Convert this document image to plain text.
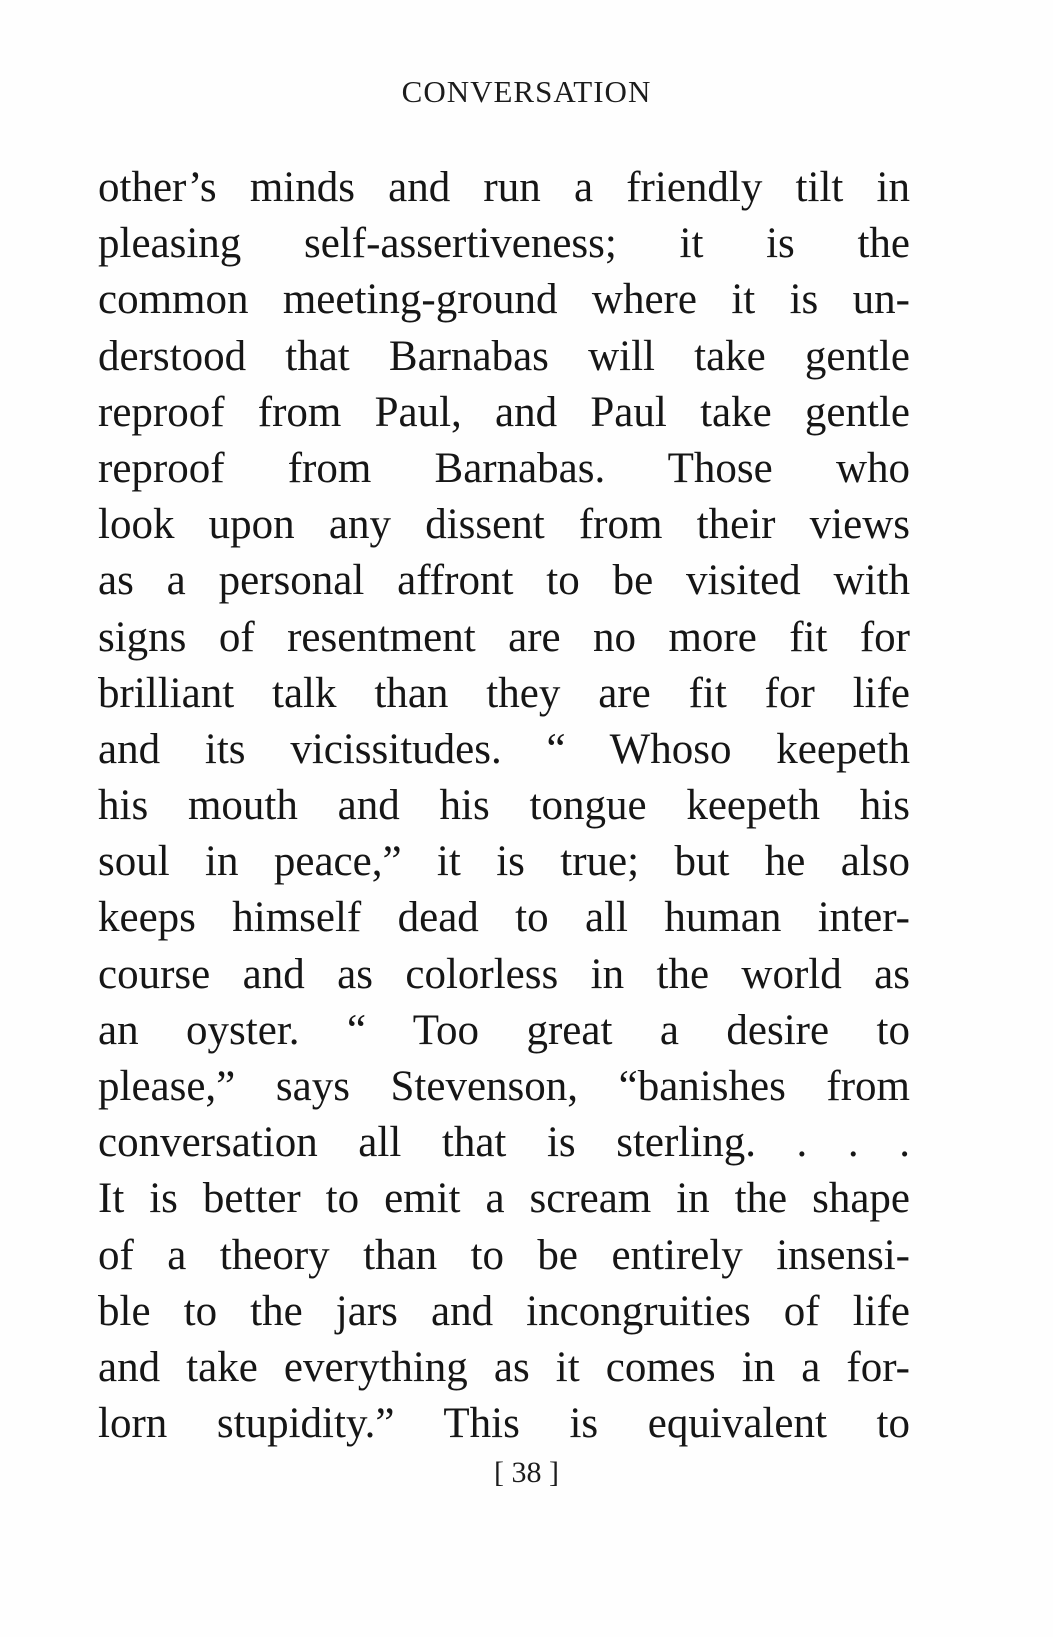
CONVERSATION
other’s minds and run a friendly tilt in
pleasing self-assertiveness; it is the
common meeting-ground where it is un-
derstood that Barnabas will take gentle
reproof from Paul, and Paul take gentle
reproof from Barnabas. Those who
look upon any dissent from their views
as a personal affront to be visited with
signs of resentment are no more fit for
brilliant talk than they are fit for life
and its vicissitudes. “ Whoso keepeth
his mouth and his tongue keepeth his
soul in peace,” it is true; but he also
keeps himself dead to all human inter-
course and as colorless in the world as
an oyster. “ Too great a desire to
please,” says Stevenson, “banishes from
conversation all that is sterling. . . .
It is better to emit a scream in the shape
of a theory than to be entirely insensi-
ble to the jars and incongruities of life
and take everything as it comes in a for-
lorn stupidity.” This is equivalent to
[ 38 ]
